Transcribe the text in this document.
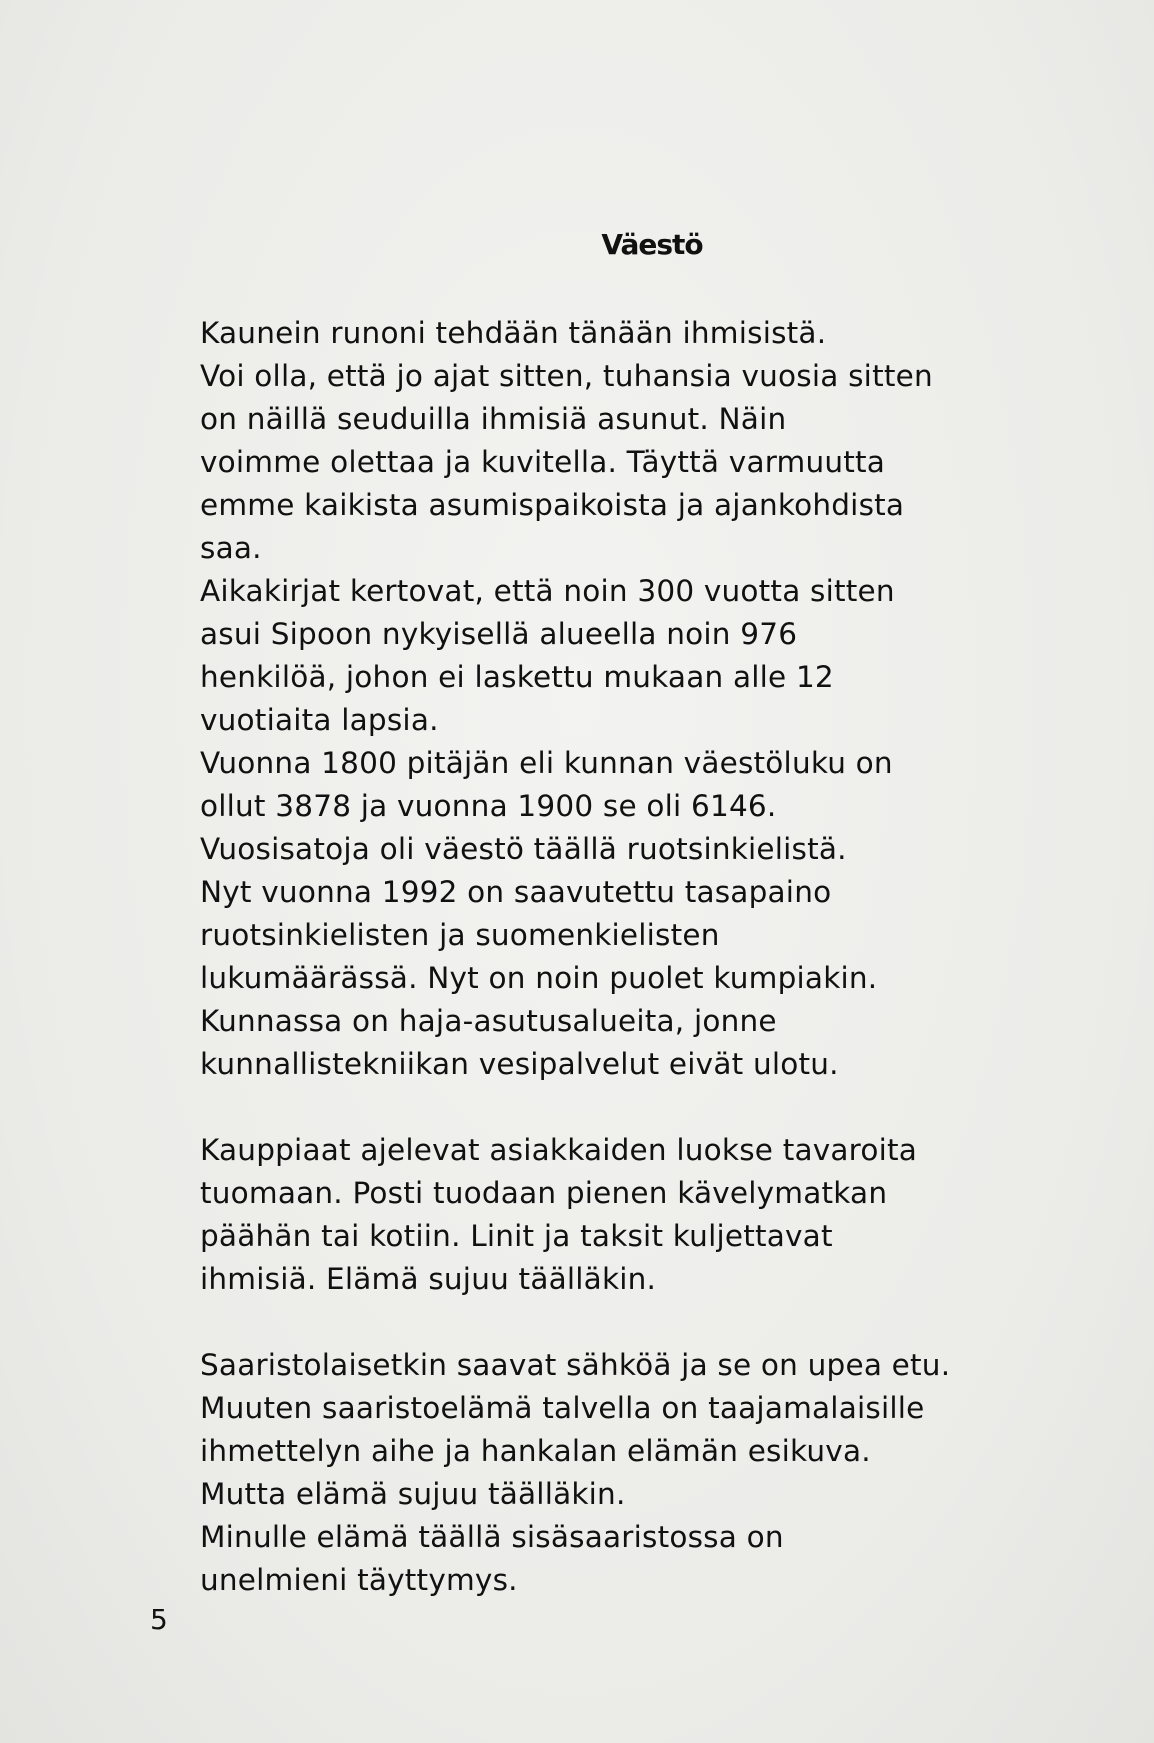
Väestö

Kaunein runoni tehdään tänään ihmisistä.
Voi olla, että jo ajat sitten, tuhansia vuosia sitten
on näillä seuduilla ihmisiä asunut. Näin
voimme olettaa ja kuvitella. Täyttä varmuutta
emme kaikista asumispaikoista ja ajankohdista
saa.

Aikakirjat kertovat, että noin 300 vuotta sitten
asui Sipoon nykyisellä alueella noin 976
henkilöä, johon ei laskettu mukaan alle 12
vuotiaita lapsia.

Vuonna 1800 pitäjän eli kunnan väestöluku on
ollut 3878 ja vuonna 1900 se oli 6146.

Vuosisatoja oli väestö täällä ruotsinkielistä.
Nyt vuonna 1992 on saavutettu tasapaino
ruotsinkielisten ja suomenkielisten
lukumäärässä. Nyt on noin puolet kumpiakin.

Kunnassa on haja-asutusalueita, jonne
kunnallistekniikan vesipalvelut eivät ulotu.

Kauppiaat ajelevat asiakkaiden luokse tavaroita
tuomaan. Posti tuodaan pienen kävelymatkan
päähän tai kotiin. Linit ja taksit kuljettavat
ihmisiä. Elämä sujuu täälläkin.

Saaristolaisetkin saavat sähköä ja se on upea etu.
Muuten saaristoelämä talvella on taajamalaisille
ihmettelyn aihe ja hankalan elämän esikuva.
Mutta elämä sujuu täälläkin.

Minulle elämä täällä sisäsaaristossa on
unelmieni täyttymys.

5
